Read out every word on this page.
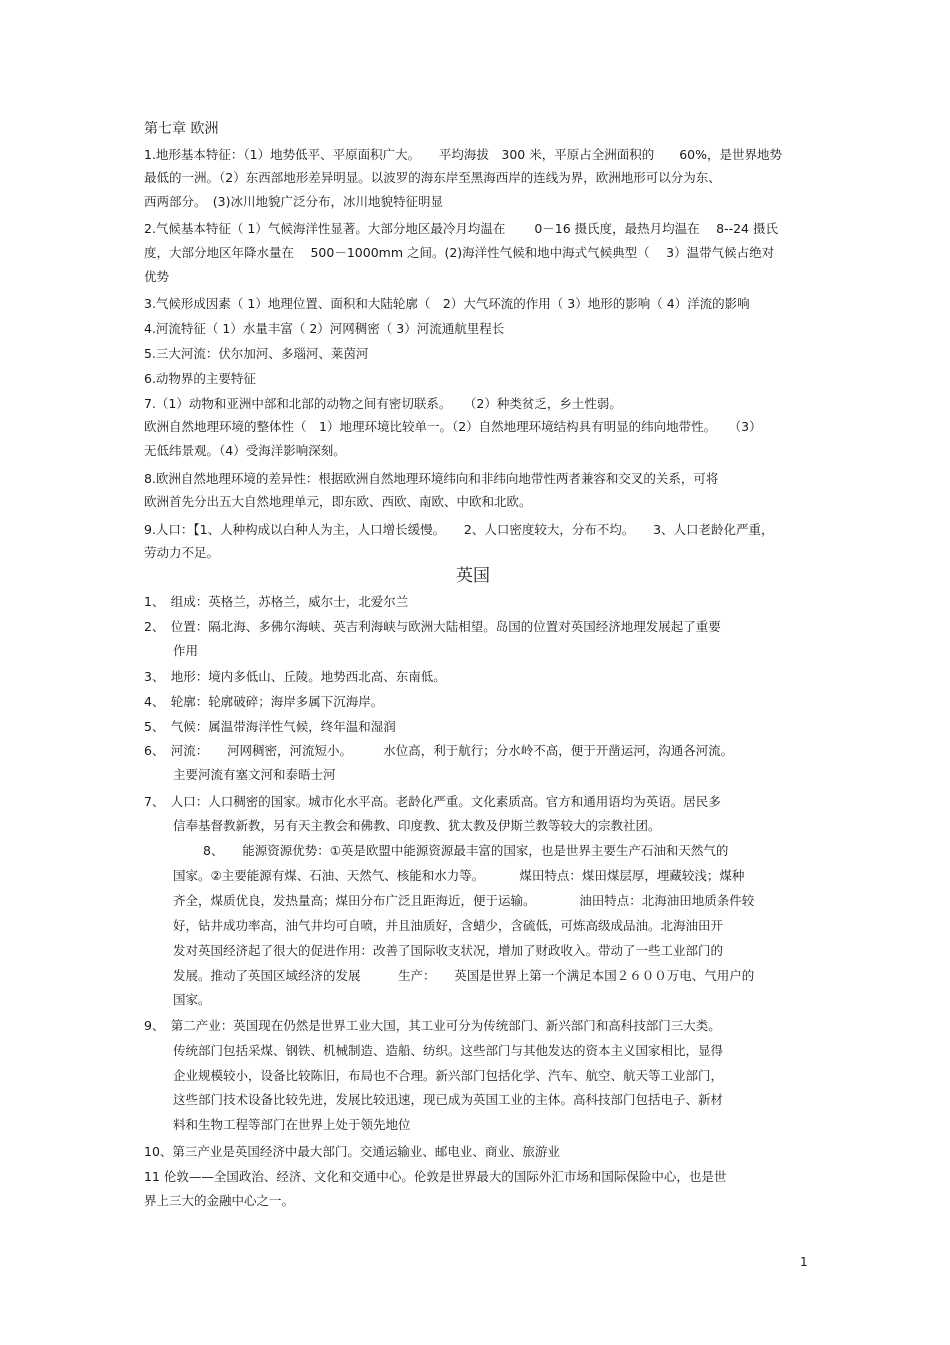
第七章 欧洲
1.地形基本特征：（1）地势低平、平原面积广大。　　平均海拔　300 米，平原占全洲面积的　　60%，是世界地势
最低的一洲。（2）东西部地形差异明显。以波罗的海东岸至黑海西岸的连线为界，欧洲地形可以分为东、
西两部分。　(3)冰川地貌广泛分布，冰川地貌特征明显
2.气候基本特征（ 1）气候海洋性显著。大部分地区最冷月均温在　　 0－16 摄氏度，最热月均温在　 8--24 摄氏
度，大部分地区年降水量在　 500－1000mm 之间。(2)海洋性气候和地中海式气候典型（　 3）温带气候占绝对
优势
3.气候形成因素（ 1）地理位置、面积和大陆轮廓（　2）大气环流的作用（ 3）地形的影响（ 4）洋流的影响
4.河流特征（ 1）水量丰富（ 2）河网稠密（ 3）河流通航里程长
5.三大河流：伏尔加河、多瑙河、莱茵河
6.动物界的主要特征
7.（1）动物和亚洲中部和北部的动物之间有密切联系。　　（2）种类贫乏，乡土性弱。
欧洲自然地理环境的整体性（　1）地理环境比较单一。（2）自然地理环境结构具有明显的纬向地带性。　　（3）
无低纬景观。（4）受海洋影响深刻。
8.欧洲自然地理环境的差异性：根据欧洲自然地理环境纬向和非纬向地带性两者兼容和交叉的关系，可将
欧洲首先分出五大自然地理单元，即东欧、西欧、南欧、中欧和北欧。
9.人口：【1、人种构成以白种人为主，人口增长缓慢。　　2、人口密度较大，分布不均。　　3、人口老龄化严重，
劳动力不足。
英国
1、　组成：英格兰，苏格兰，威尔士，北爱尔兰
2、　位置：隔北海、多佛尔海峡、英吉利海峡与欧洲大陆相望。岛国的位置对英国经济地理发展起了重要
作用
3、　地形：境内多低山、丘陵。地势西北高、东南低。
4、　轮廓：轮廓破碎；海岸多属下沉海岸。
5、　气候：属温带海洋性气候，终年温和湿润
6、　河流：　　河网稠密，河流短小。　　　水位高，利于航行；分水岭不高，便于开凿运河，沟通各河流。
主要河流有塞文河和泰晤士河
7、　人口：人口稠密的国家。城市化水平高。老龄化严重。文化素质高。官方和通用语均为英语。居民多
信奉基督教新教，另有天主教会和佛教、印度教、犹太教及伊斯兰教等较大的宗教社团。
8、　　能源资源优势：①英是欧盟中能源资源最丰富的国家，也是世界主要生产石油和天然气的
国家。②主要能源有煤、石油、天然气、核能和水力等。　　　 煤田特点：煤田煤层厚，埋藏较浅；煤种
齐全，煤质优良，发热量高；煤田分布广泛且距海近，便于运输。　　　　油田特点：北海油田地质条件较
好，钻井成功率高，油气井均可自喷，并且油质好，含蜡少，含硫低，可炼高级成品油。北海油田开
发对英国经济起了很大的促进作用：改善了国际收支状况，增加了财政收入。带动了一些工业部门的
发展。推动了英国区域经济的发展　　　生产：　　英国是世界上第一个满足本国２６００万电、气用户的
国家。
9、　第二产业：英国现在仍然是世界工业大国，其工业可分为传统部门、新兴部门和高科技部门三大类。
传统部门包括采煤、钢铁、机械制造、造船、纺织。这些部门与其他发达的资本主义国家相比，显得
企业规模较小，设备比较陈旧，布局也不合理。新兴部门包括化学、汽车、航空、航天等工业部门，
这些部门技术设备比较先进，发展比较迅速，现已成为英国工业的主体。高科技部门包括电子、新材
料和生物工程等部门在世界上处于领先地位
10、第三产业是英国经济中最大部门。交通运输业、邮电业、商业、旅游业
11 伦敦——全国政治、经济、文化和交通中心。伦敦是世界最大的国际外汇市场和国际保险中心，也是世
界上三大的金融中心之一。
1
